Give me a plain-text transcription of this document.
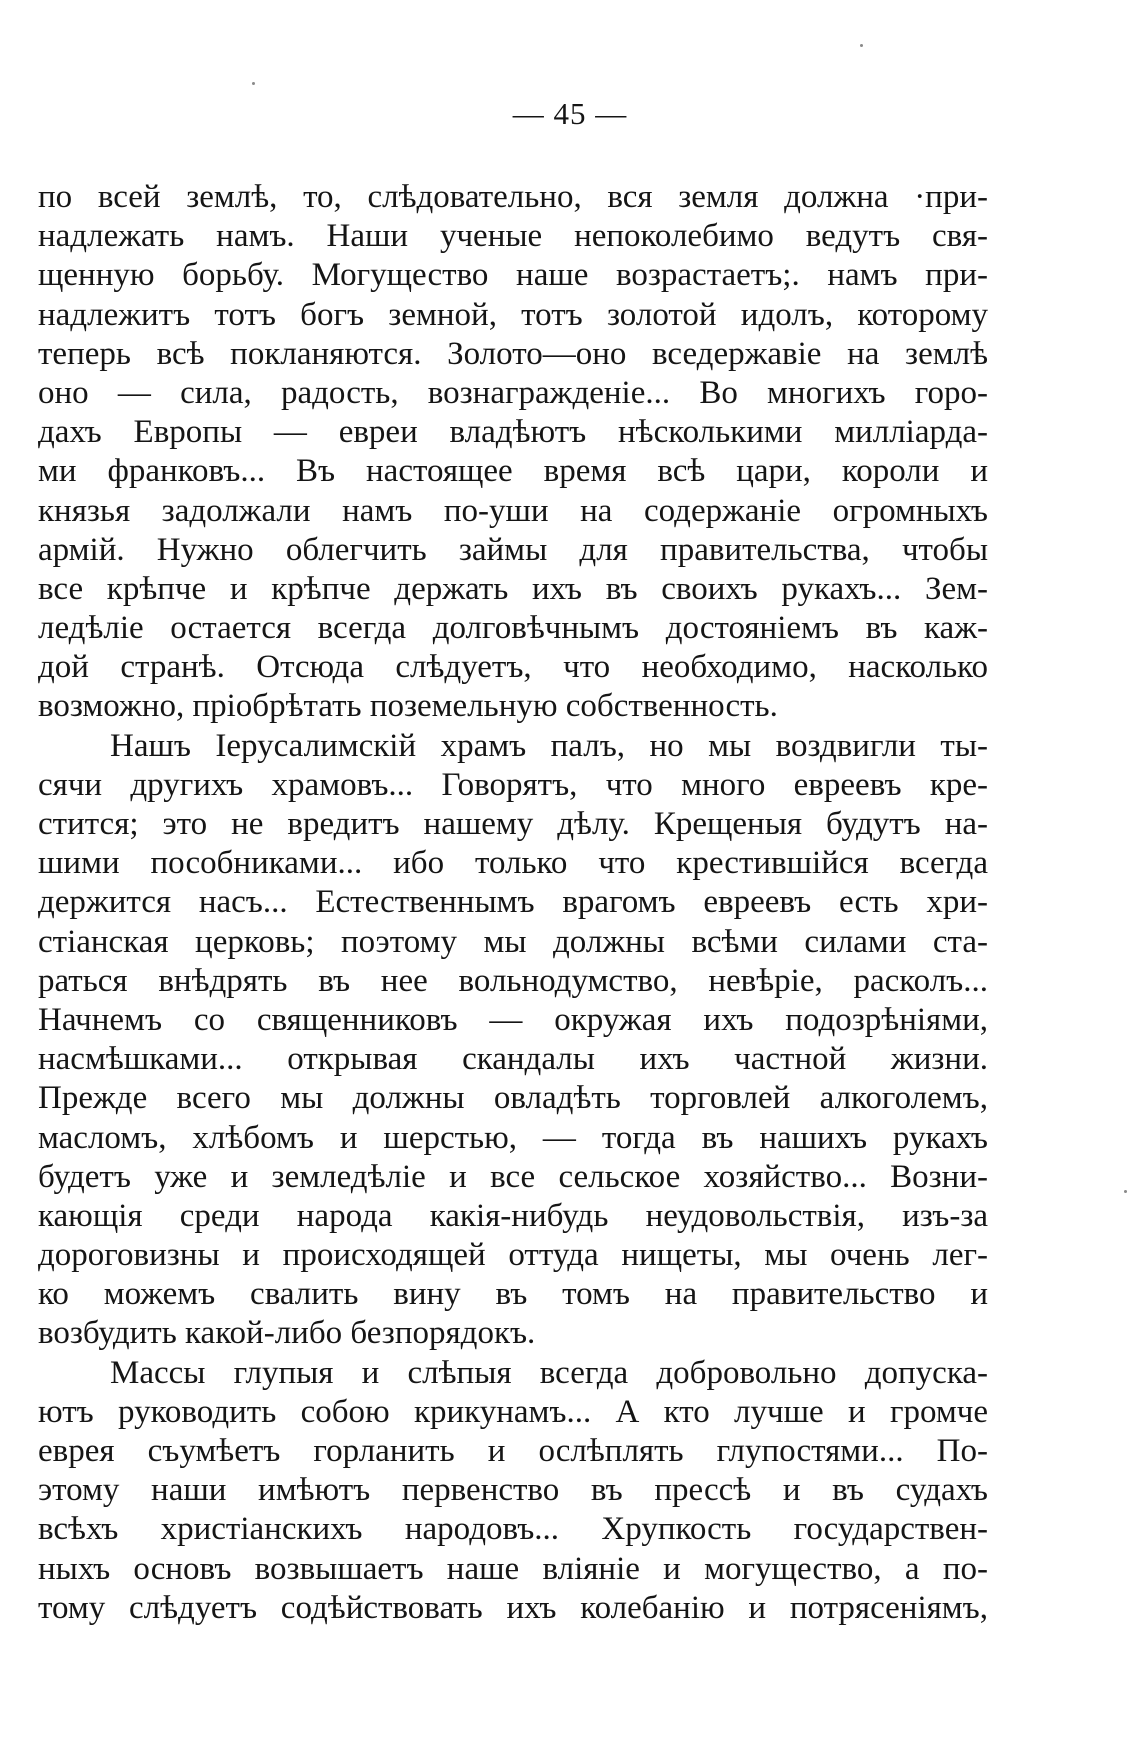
— 45 —
по всей землѣ, то, слѣдовательно, вся земля должна ·при-
надлежать намъ. Наши ученые непоколебимо ведутъ свя-
щенную борьбу. Могущество наше возрастаетъ;. намъ при-
надлежитъ тотъ богъ земной, тотъ золотой идолъ, которому
теперь всѣ покланяются. Золото—оно вседержавіе на землѣ
оно — сила, радость, вознагражденіе... Во многихъ горо-
дахъ Европы — евреи владѣютъ нѣсколькими милліарда-
ми франковъ... Въ настоящее время всѣ цари, короли и
князья задолжали намъ по-уши на содержаніе огромныхъ
армій. Нужно облегчить займы для правительства, чтобы
все крѣпче и крѣпче держать ихъ въ своихъ рукахъ... Зем-
ледѣліе остается всегда долговѣчнымъ достояніемъ въ каж-
дой странѣ. Отсюда слѣдуетъ, что необходимо, насколько
возможно, пріобрѣтать поземельную собственность.
Нашъ Іерусалимскій храмъ палъ, но мы воздвигли ты-
сячи другихъ храмовъ... Говорятъ, что много евреевъ кре-
стится; это не вредитъ нашему дѣлу. Крещеныя будутъ на-
шими пособниками... ибо только что крестившійся всегда
держится насъ... Естественнымъ врагомъ евреевъ есть хри-
стіанская церковь; поэтому мы должны всѣми силами ста-
раться внѣдрять въ нее вольнодумство, невѣріе, расколъ...
Начнемъ со священниковъ — окружая ихъ подозрѣніями,
насмѣшками... открывая скандалы ихъ частной жизни.
Прежде всего мы должны овладѣть торговлей алкоголемъ,
масломъ, хлѣбомъ и шерстью, — тогда въ нашихъ рукахъ
будетъ уже и земледѣліе и все сельское хозяйство... Возни-
кающія среди народа какія-нибудь неудовольствія, изъ-за
дороговизны и происходящей оттуда нищеты, мы очень лег-
ко можемъ свалить вину въ томъ на правительство и
возбудить какой-либо безпорядокъ.
Массы глупыя и слѣпыя всегда добровольно допуска-
ютъ руководить собою крикунамъ... А кто лучше и громче
еврея съумѣетъ горланить и ослѣплять глупостями... По-
этому наши имѣютъ первенство въ прессѣ и въ судахъ
всѣхъ христіанскихъ народовъ... Хрупкость государствен-
ныхъ основъ возвышаетъ наше вліяніе и могущество, а по-
тому слѣдуетъ содѣйствовать ихъ колебанію и потрясеніямъ,
